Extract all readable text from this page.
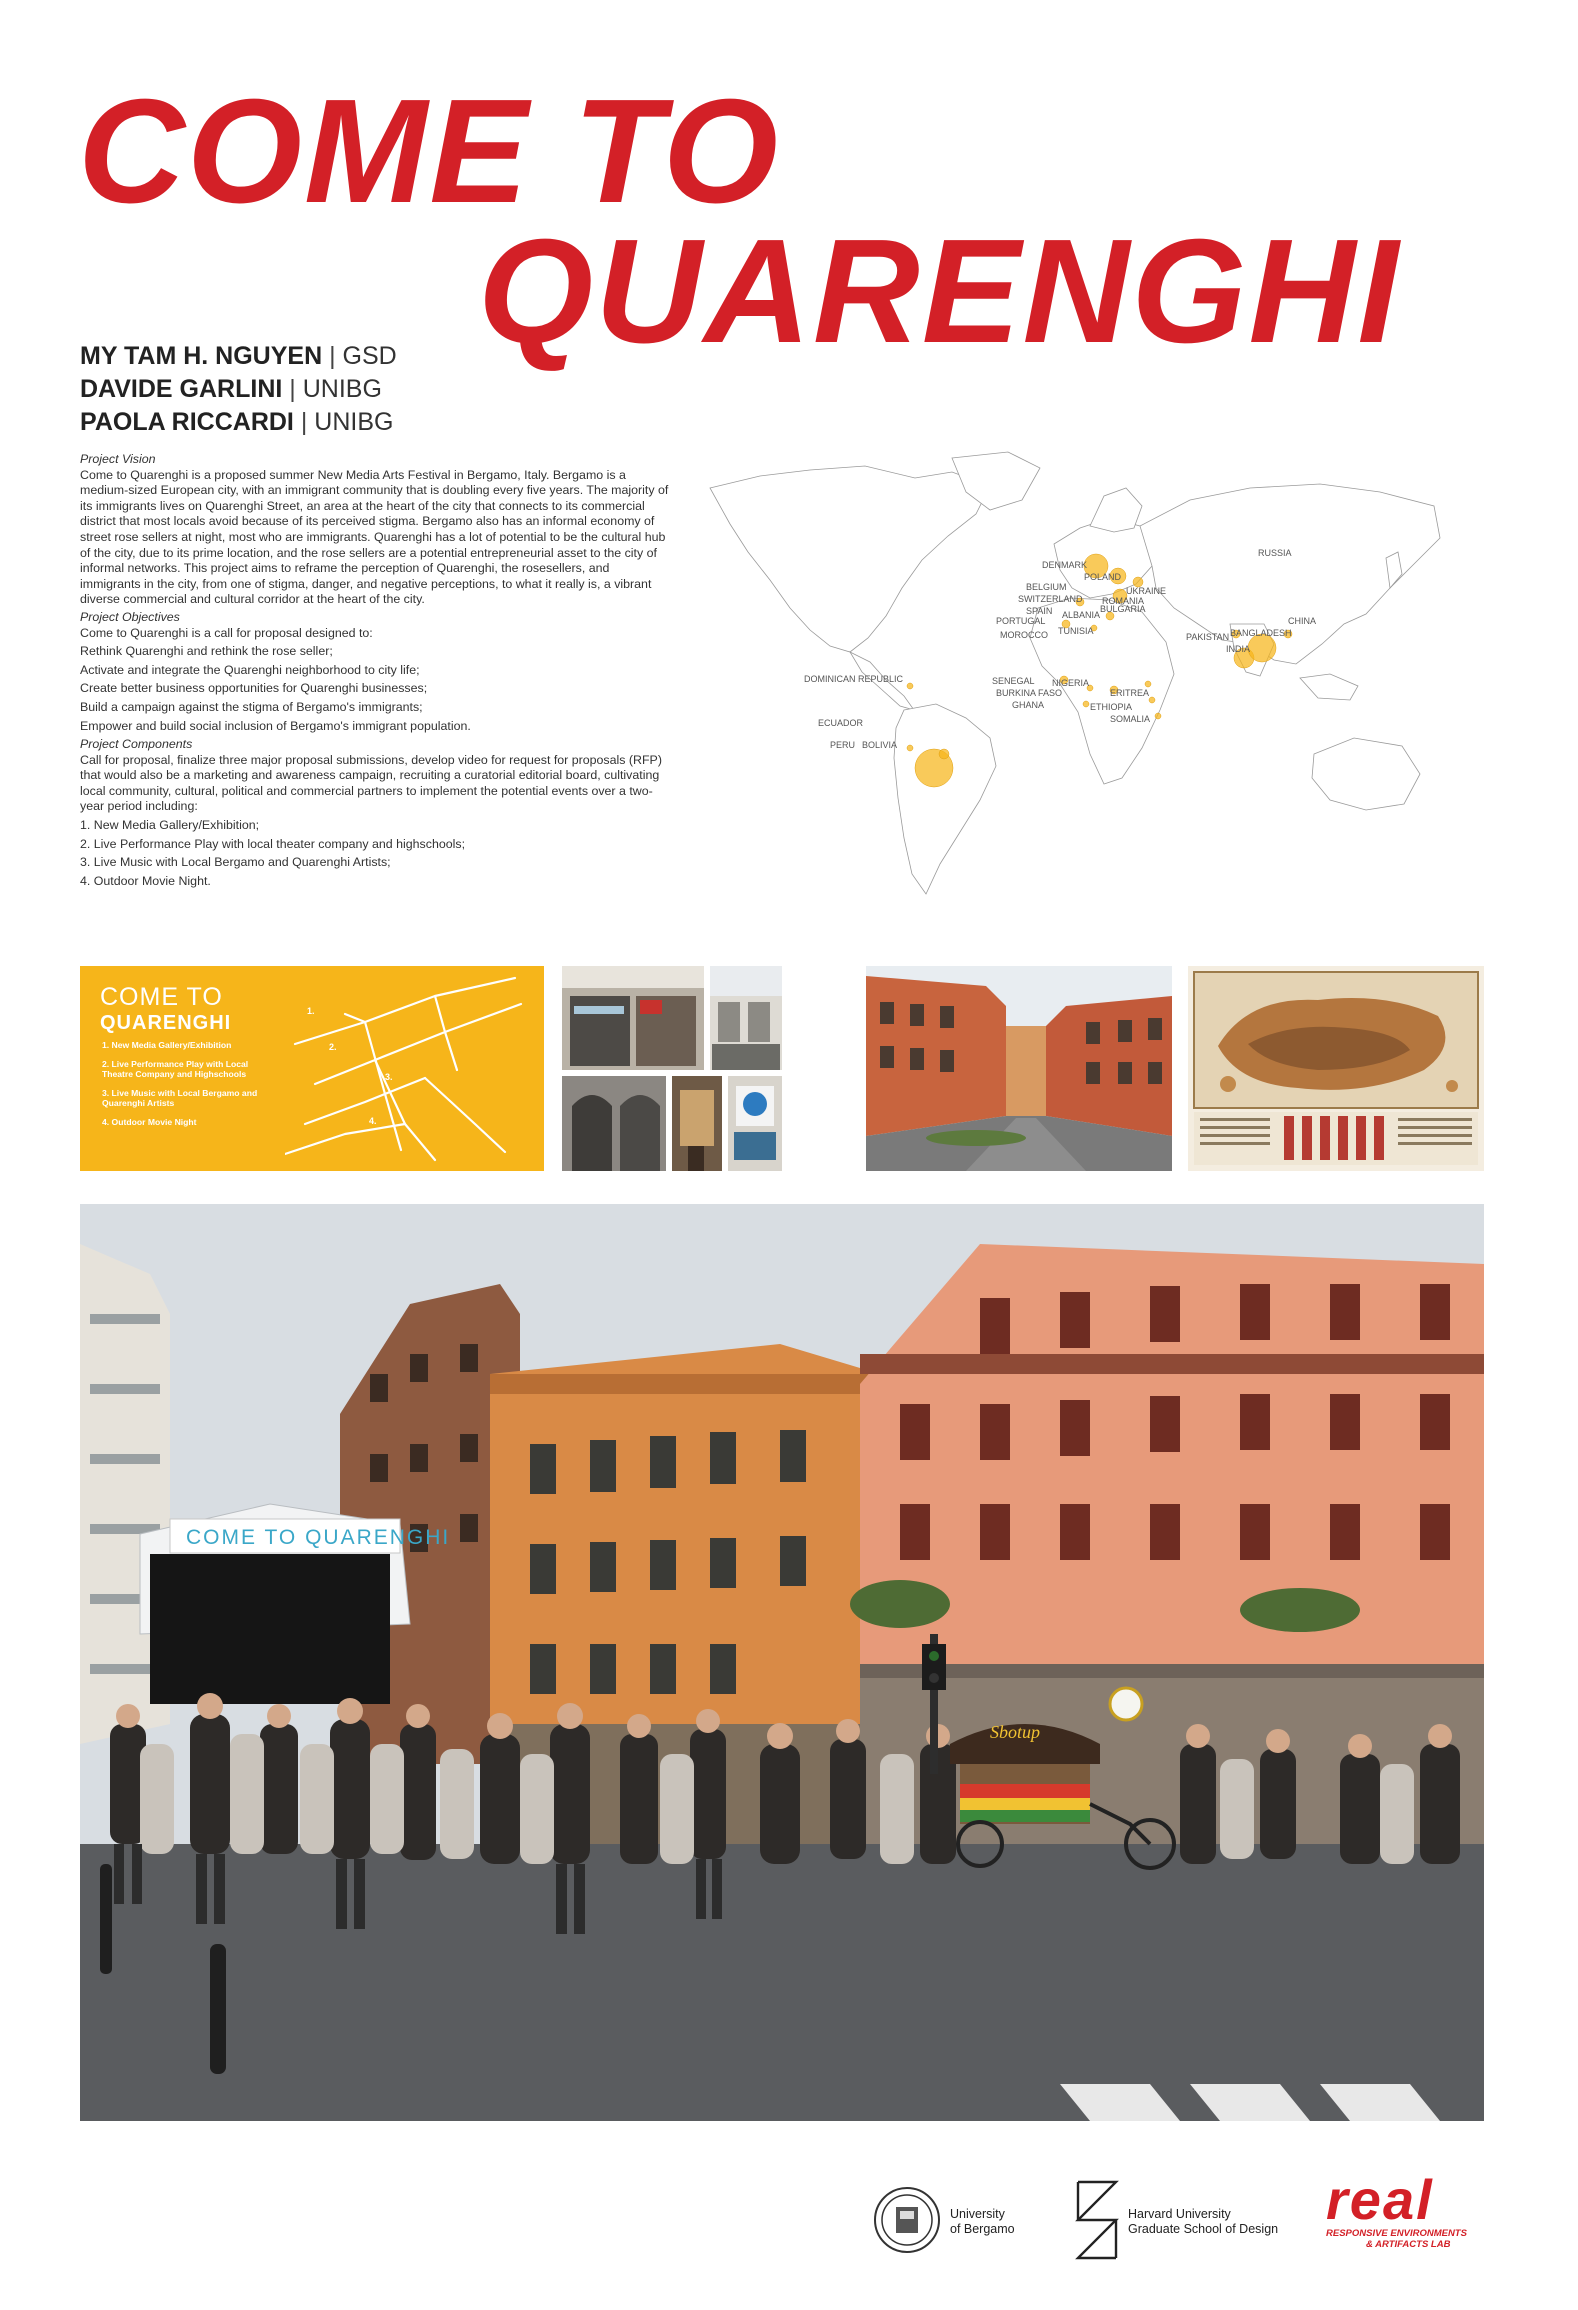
COME TO
QUARENGHI
MY TAM H. NGUYEN | GSD
DAVIDE GARLINI | UNIBG
PAOLA RICCARDI | UNIBG

Project Vision

Come to Quarenghi is a proposed summer New Media Arts Festival in Bergamo, Italy. Bergamo is a medium-sized European city, with an immigrant community that is doubling every five years. The majority of its immigrants lives on Quarenghi Street, an area at the heart of the city that connects to its commercial district that most locals avoid because of its perceived stigma. Bergamo also has an informal economy of street rose sellers at night, most who are immigrants. Quarenghi has a lot of potential to be the cultural hub of the city, due to its prime location, and the rose sellers are a potential entrepreneurial asset to the city of informal networks. This project aims to reframe the perception of Quarenghi, the rosesellers, and immigrants in the city, from one of stigma, danger, and negative perceptions, to what it really is, a vibrant diverse commercial and cultural corridor at the heart of the city.

Project Objectives

Come to Quarenghi is a call for proposal designed to:

Rethink Quarenghi and rethink the rose seller;

Activate and integrate the Quarenghi neighborhood to city life;

Create better business opportunities for Quarenghi businesses;

Build a campaign against the stigma of Bergamo's immigrants;

Empower and build social inclusion of Bergamo's immigrant population.

Project Components

Call for proposal, finalize three major proposal submissions, develop video for request for proposals (RFP) that would also be a marketing and awareness campaign, recruiting a curatorial editorial board, cultivating local community, cultural, political and commercial partners to implement the potential events over a two-year period including:

1. New Media Gallery/Exhibition;

2. Live Performance Play with local theater company and highschools;

3. Live Music with Local Bergamo and Quarenghi Artists;

4. Outdoor Movie Night.

RUSSIA
DENMARK
POLAND
BELGIUM	UKRAINE
SWITZERLAND ROMANIA
SPAIN	BULGARIA
PORTUGAL
ALBANIA
MOROCCO TUNISIA
CHINA
PAKISTAN BANGLADESH
INDIA
DOMINICAN REPUBLIC	SENEGAL NIGERIA
BURKINA FASO
GHANA
ERITREA
ETHIOPIA
SOMALIA
ECUADOR
PERU BOLIVIA
COME TO
QUARENGHI
1. New Media Gallery/Exhibition
2. Live Performance Play with Local Theatre Company and Highschools
3. Live Music with Local Bergamo and Quarenghi Artists
4. Outdoor Movie Night
1.
2.
3.
4.
COME TO QUARENGHI
Sbotup
University
of Bergamo
Harvard University
Graduate School of Design real
RESPONSIVE ENVIRONMENTS
& ARTIFACTS LAB
